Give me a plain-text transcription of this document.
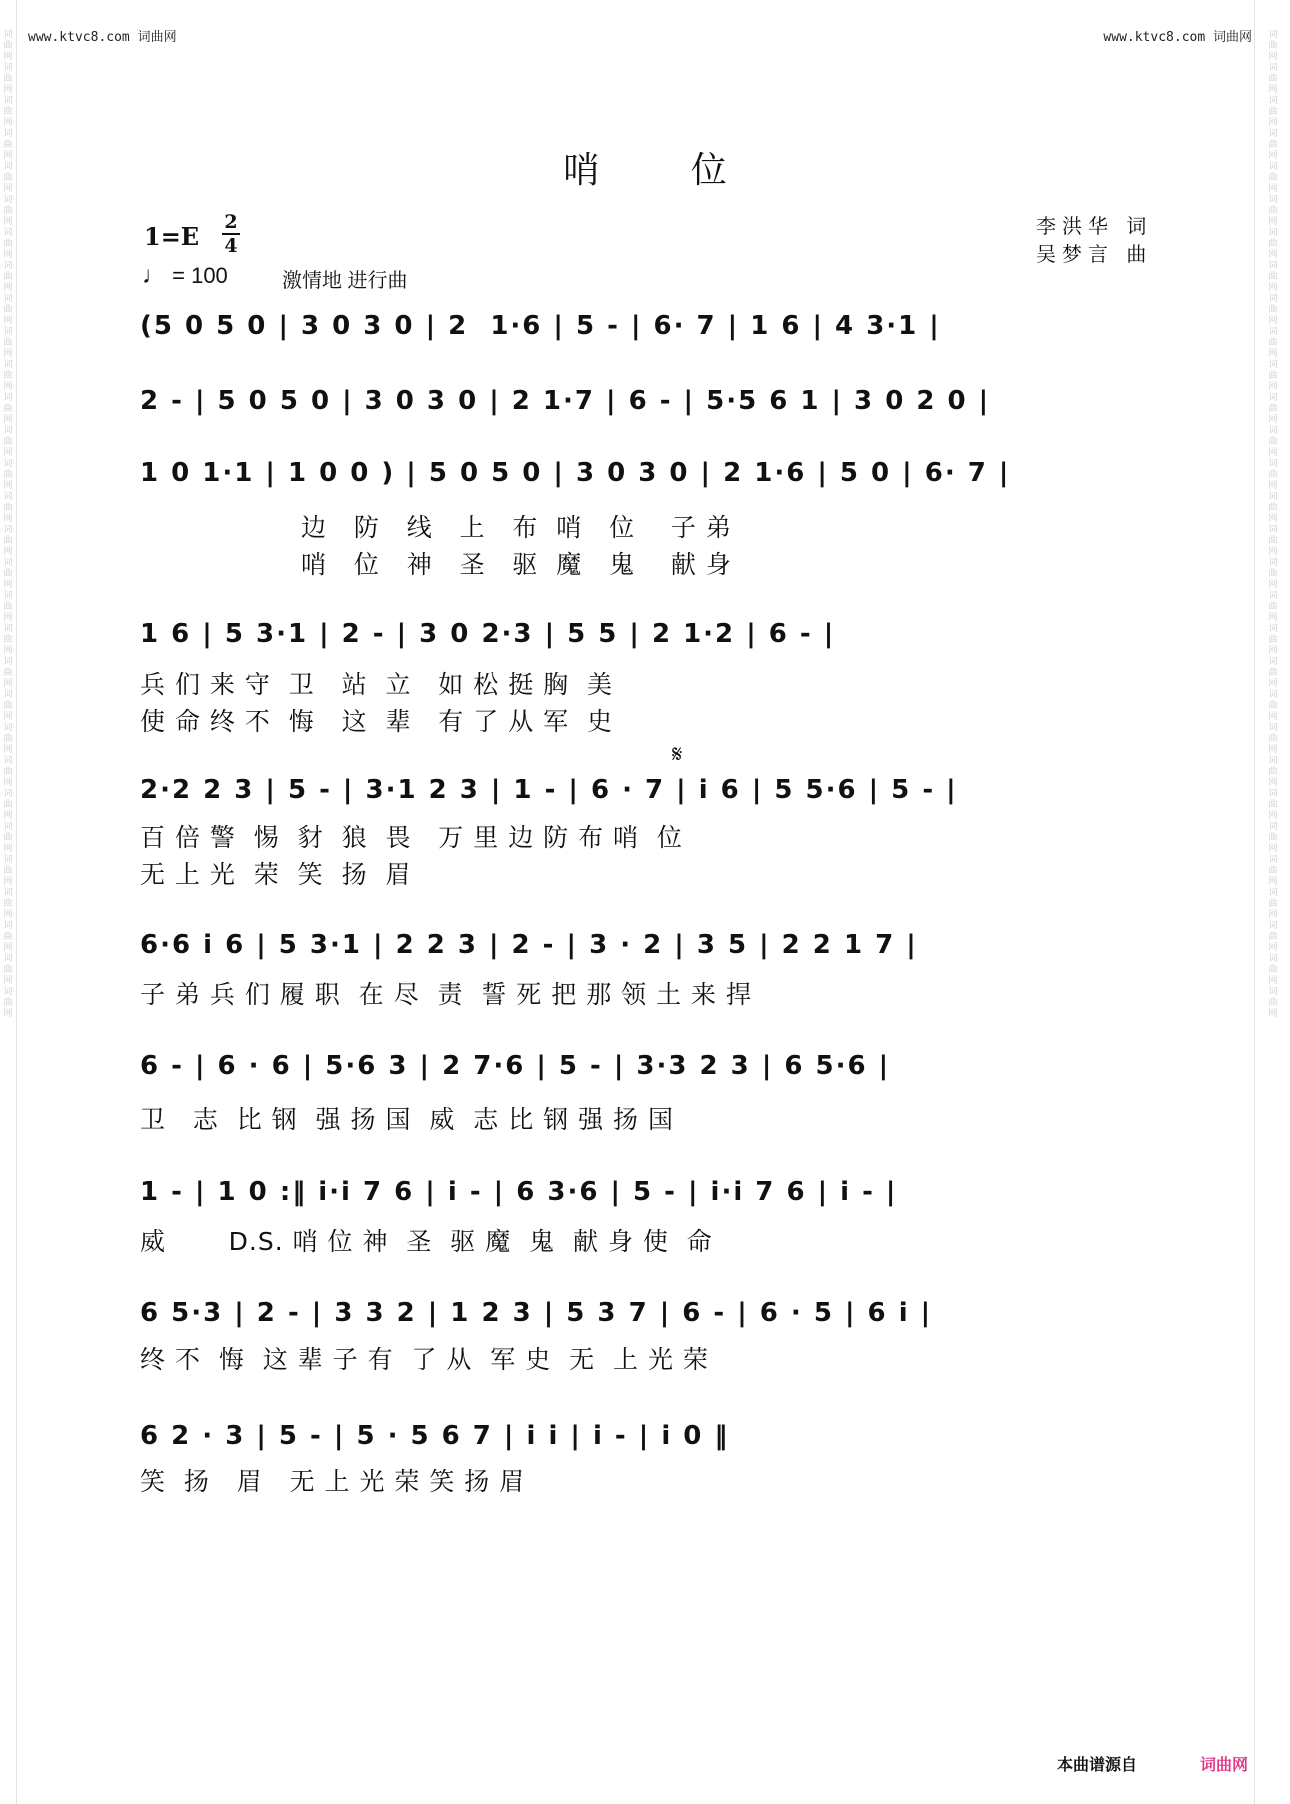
词曲网词曲网词曲网词曲网词曲网词曲网词曲网词曲网词曲网词曲网词曲网词曲网词曲网词曲网词曲网词曲网词曲网词曲网词曲网词曲网词曲网词曲网词曲网词曲网词曲网词曲网词曲网词曲网词曲网词曲网
词曲网词曲网词曲网词曲网词曲网词曲网词曲网词曲网词曲网词曲网词曲网词曲网词曲网词曲网词曲网词曲网词曲网词曲网词曲网词曲网词曲网词曲网词曲网词曲网词曲网词曲网词曲网词曲网词曲网词曲网
www.ktvc8.com 词曲网	www.ktvc8.com 词曲网
哨 位
1=E 2
4
♩ = 100	激情地 进行曲
李洪华 词
吴梦言 曲
(5 0 5 0 | 3 0 3 0 | 2  1·6 | 5 - | 6· 7 | 1 6 | 4 3·1 |
2 - | 5 0 5 0 | 3 0 3 0 | 2 1·7 | 6 - | 5·5 6 1 | 3 0 2 0 |
1 0 1·1 | 1 0 0 ) | 5 0 5 0 | 3 0 3 0 | 2 1·6 | 5 0 | 6· 7 |
边   防   线   上   布  哨   位    子 弟
哨   位   神   圣   驱  魔   鬼    献 身
1 6 | 5 3·1 | 2 - | 3 0 2·3 | 5 5 | 2 1·2 | 6 - |
兵 们 来 守  卫   站  立   如 松 挺 胸  美
使 命 终 不  悔   这  辈   有 了 从 军  史
𝄋
2·2 2 3 | 5 - | 3·1 2 3 | 1 - | 6 · 7 | i 6 | 5 5·6 | 5 - |
百 倍 警  惕  豺  狼  畏   万 里 边 防 布 哨  位
无 上 光  荣  笑  扬  眉
6·6 i 6 | 5 3·1 | 2 2 3 | 2 - | 3 · 2 | 3 5 | 2 2 1 7 |
子 弟 兵 们 履 职  在 尽  责  誓 死 把 那 领 土 来 捍
6 - | 6 · 6 | 5·6 3 | 2 7·6 | 5 - | 3·3 2 3 | 6 5·6 |
卫   志  比 钢  强 扬 国  威  志 比 钢 强 扬 国
1 - | 1 0 :‖ i·i 7 6 | i - | 6 3·6 | 5 - | i·i 7 6 | i - |
威       D.S. 哨 位 神  圣  驱 魔  鬼  献 身 使  命
6 5·3 | 2 - | 3 3 2 | 1 2 3 | 5 3 7 | 6 - | 6 · 5 | 6 i |
终 不  悔  这 辈 子 有  了 从  军 史  无  上 光 荣
6 2 · 3 | 5 - | 5 · 5 6 7 | i i | i - | i 0 ‖
笑  扬   眉   无 上 光 荣 笑 扬 眉
本曲谱源自	词曲网
